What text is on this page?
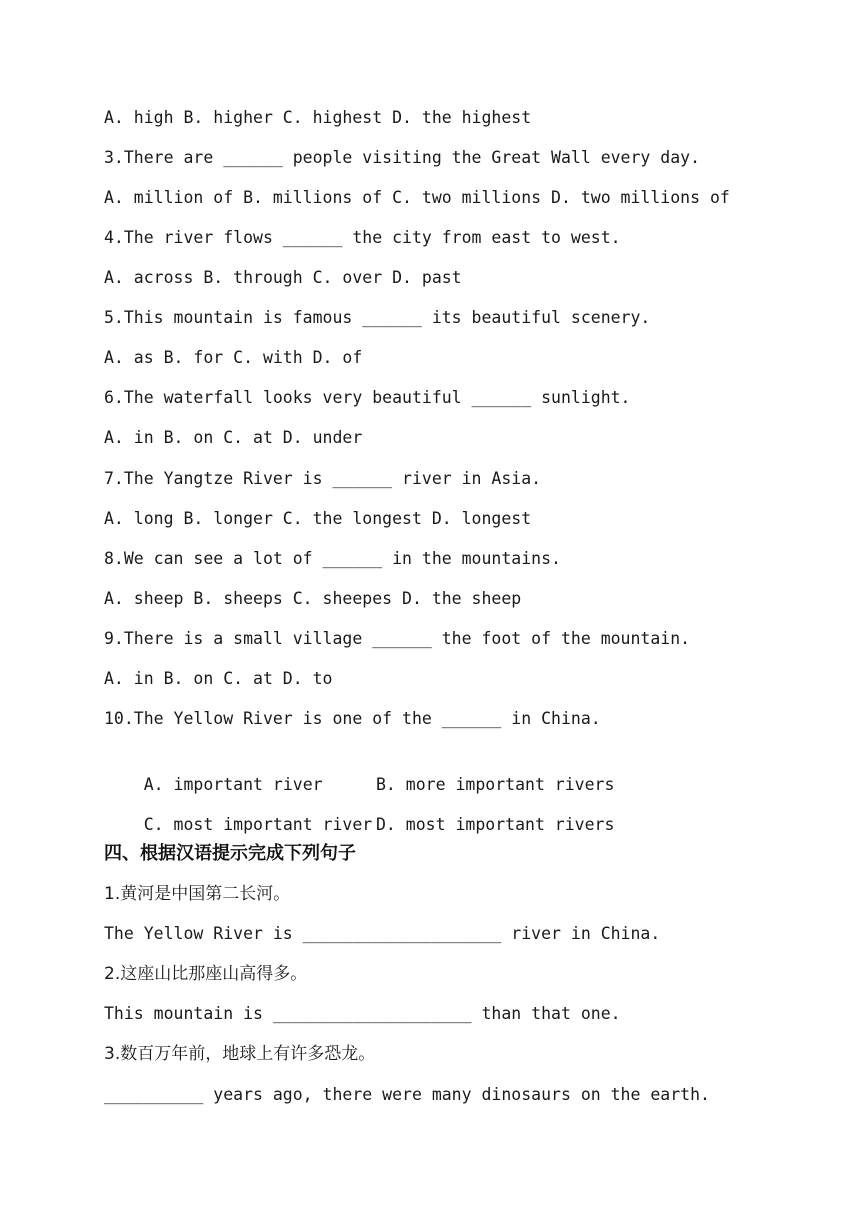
A. high B. higher C. highest D. the highest
3.There are ______ people visiting the Great Wall every day.
A. million of B. millions of C. two millions D. two millions of
4.The river flows ______ the city from east to west.
A. across B. through C. over D. past
5.This mountain is famous ______ its beautiful scenery.
A. as B. for C. with D. of
6.The waterfall looks very beautiful ______ sunlight.
A. in B. on C. at D. under
7.The Yangtze River is ______ river in Asia.
A. long B. longer C. the longest D. longest
8.We can see a lot of ______ in the mountains.
A. sheep B. sheeps C. sheepes D. the sheep
9.There is a small village ______ the foot of the mountain.
A. in B. on C. at D. to
10.The Yellow River is one of the ______ in China.

A. important river	B. more important rivers

C. most important river D. most important rivers

四、根据汉语提示完成下列句子
1.黄河是中国第二长河。
The Yellow River is ____________________ river in China.
2.这座山比那座山高得多。
This mountain is ____________________ than that one.
3.数百万年前，地球上有许多恐龙。
__________ years ago, there were many dinosaurs on the earth.
